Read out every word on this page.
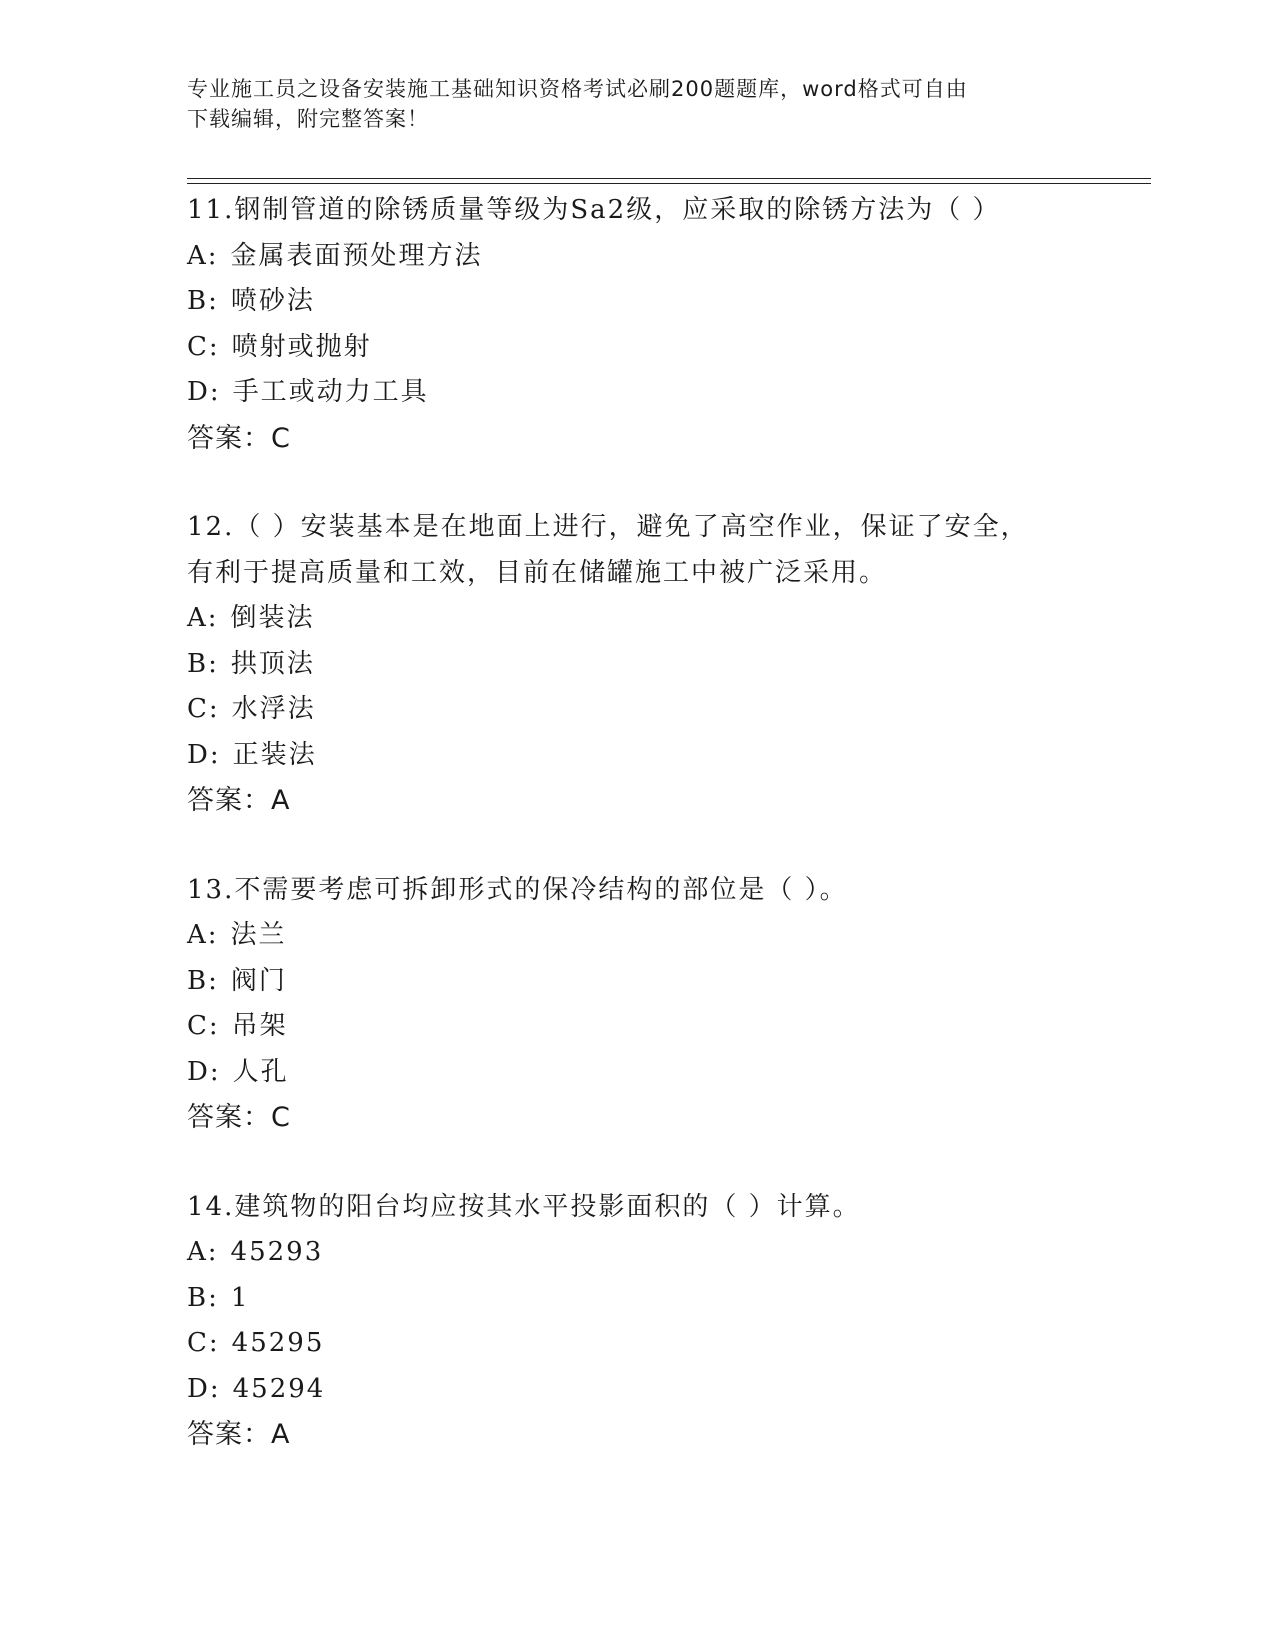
专业施工员之设备安装施工基础知识资格考试必刷200题题库，word格式可自由
下载编辑，附完整答案！
11.钢制管道的除锈质量等级为Sa2级，应采取的除锈方法为（ ）
A: 金属表面预处理方法
B: 喷砂法
C: 喷射或抛射
D: 手工或动力工具
答案：C
12.（ ）安装基本是在地面上进行，避免了高空作业，保证了安全，
有利于提高质量和工效，目前在储罐施工中被广泛采用。
A: 倒装法
B: 拱顶法
C: 水浮法
D: 正装法
答案：A
13.不需要考虑可拆卸形式的保冷结构的部位是（ ）。
A: 法兰
B: 阀门
C: 吊架
D: 人孔
答案：C
14.建筑物的阳台均应按其水平投影面积的（ ）计算。
A: 45293
B: 1
C: 45295
D: 45294
答案：A
